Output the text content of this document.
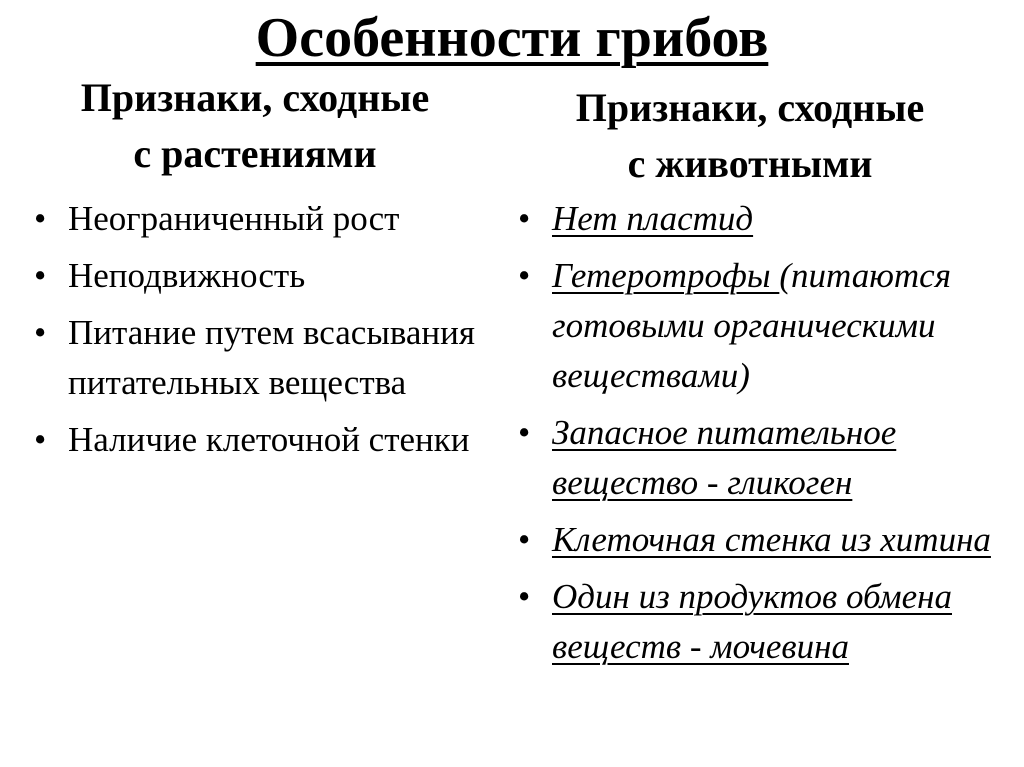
Особенности грибов
Признаки, сходные
с растениями
Признаки, сходные
с животными
• Неограниченный рост
• Неподвижность
• Питание путем всасывания питательных вещества
• Наличие клеточной стенки
• Нет пластид
• Гетеротрофы (питаются готовыми органическими веществами)
• Запасное питательное вещество - гликоген
• Клеточная стенка из хитина
• Один из продуктов обмена веществ - мочевина
